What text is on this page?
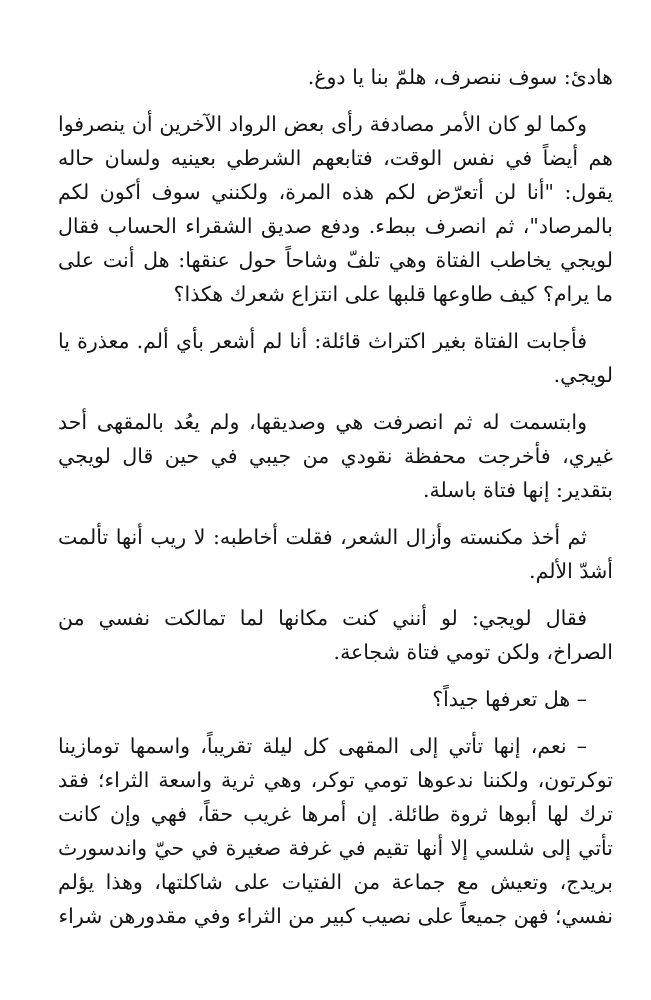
هادئ: سوف ننصرف، هلمّ بنا يا دوغ.

وكما لو كان الأمر مصادفة رأى بعض الرواد الآخرين أن ينصرفوا هم أيضاً في نفس الوقت، فتابعهم الشرطي بعينيه ولسان حاله يقول: "أنا لن أتعرّض لكم هذه المرة، ولكنني سوف أكون لكم بالمرصاد"، ثم انصرف ببطء. ودفع صديق الشقراء الحساب فقال لويجي يخاطب الفتاة وهي تلفّ وشاحاً حول عنقها: هل أنت على ما يرام؟ كيف طاوعها قلبها على انتزاع شعرك هكذا؟

فأجابت الفتاة بغير اكتراث قائلة: أنا لم أشعر بأي ألم. معذرة يا لويجي.

وابتسمت له ثم انصرفت هي وصديقها، ولم يعُد بالمقهى أحد غيري، فأخرجت محفظة نقودي من جيبي في حين قال لويجي بتقدير: إنها فتاة باسلة.

ثم أخذ مكنسته وأزال الشعر، فقلت أخاطبه: لا ريب أنها تألمت أشدّ الألم.

فقال لويجي: لو أنني كنت مكانها لما تمالكت نفسي من الصراخ، ولكن تومي فتاة شجاعة.

– هل تعرفها جيداً؟

– نعم، إنها تأتي إلى المقهى كل ليلة تقريباً، واسمها تومازينا توكرتون، ولكننا ندعوها تومي توكر، وهي ثرية واسعة الثراء؛ فقد ترك لها أبوها ثروة طائلة. إن أمرها غريب حقاً، فهي وإن كانت تأتي إلى شلسي إلا أنها تقيم في غرفة صغيرة في حيّ واندسورث بريدج، وتعيش مع جماعة من الفتيات على شاكلتها، وهذا يؤلم نفسي؛ فهن جميعاً على نصيب كبير من الثراء وفي مقدورهن شراء
